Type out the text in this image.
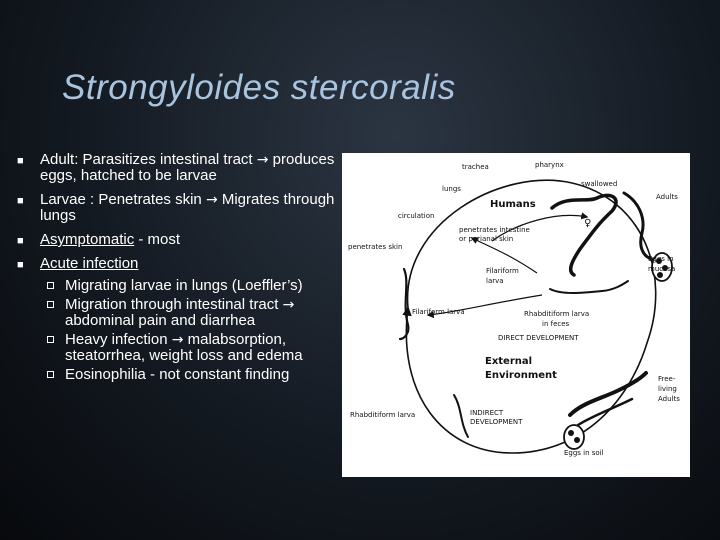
Strongyloides stercoralis
■ Adult: Parasitizes intestinal tract → produces eggs, hatched to be larvae
■ Larvae : Penetrates skin → Migrates through lungs
■ Asymptomatic - most
■ Acute infection
Migrating larvae in lungs (Loeffler’s)
Migration through intestinal tract → abdominal pain and diarrhea
Heavy infection → malabsorption, steatorrhea, weight loss and edema
Eosinophilia - not constant finding
trachea	pharynx
lungs
swallowed
Humans
Adults
circulation
penetrates intestine
or perianal skin
penetrates skin
♀
Eggs in
mucosa
Filariform
larva
Filariform larva	Rhabditiform larva
in feces
DIRECT DEVELOPMENT
External
Environment	Free-
living
Adults
Rhabditiform larva	INDIRECT
DEVELOPMENT
Eggs in soil
